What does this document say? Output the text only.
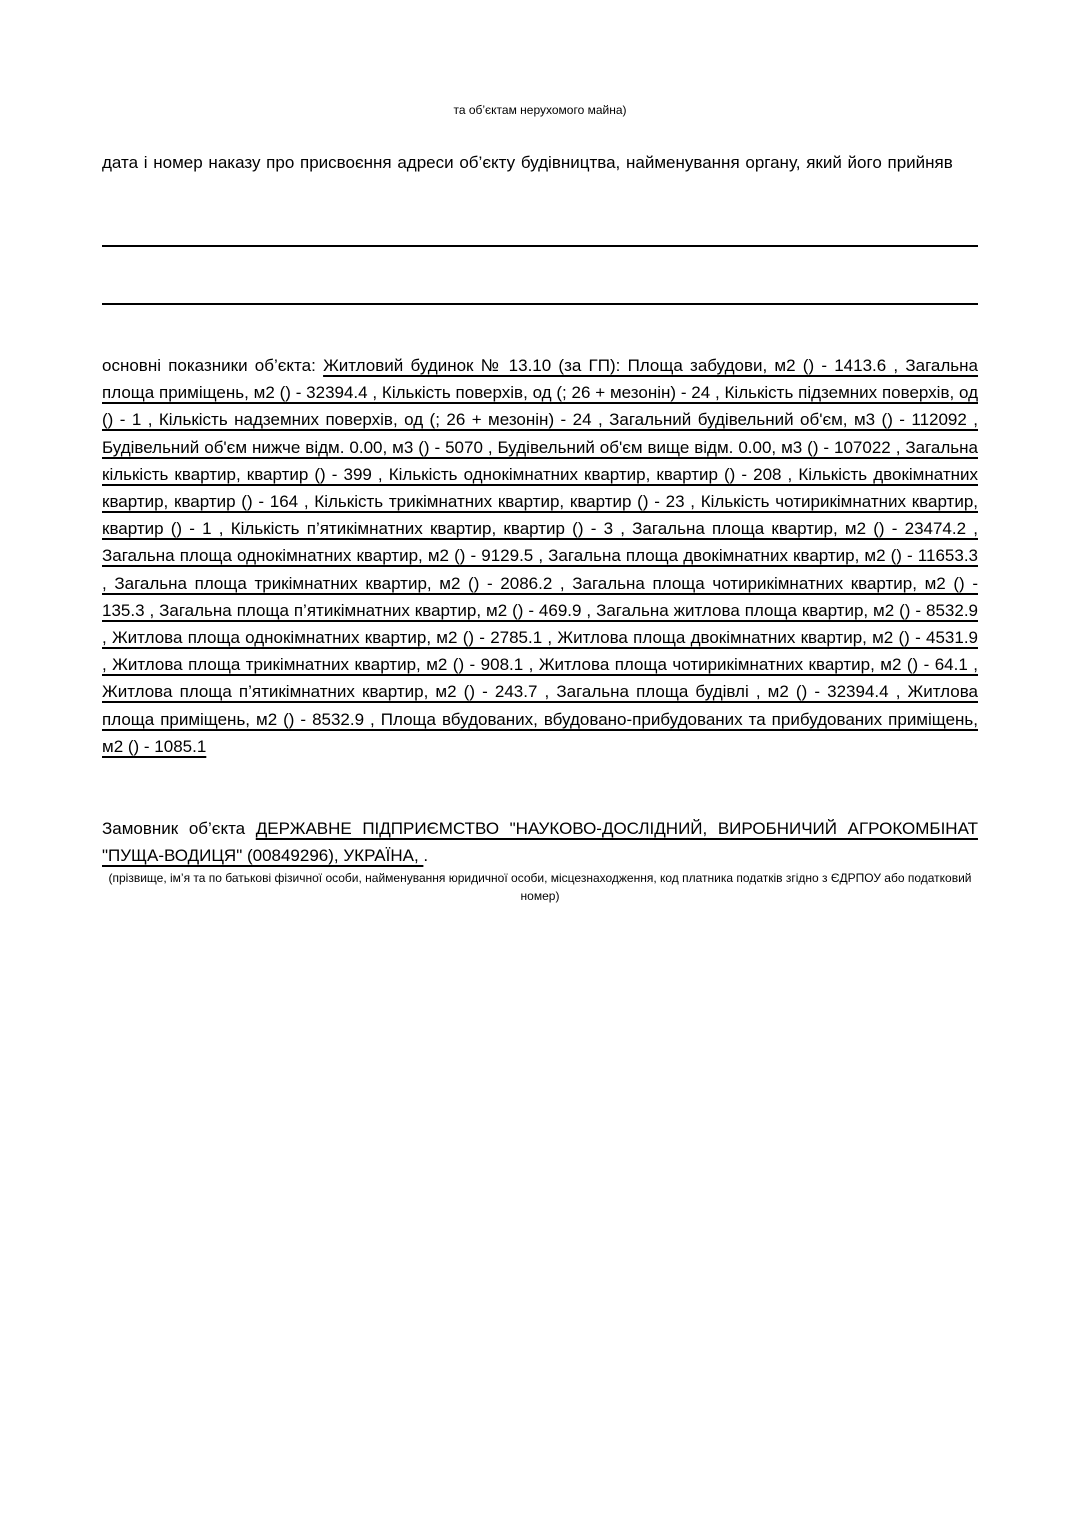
та об’єктам нерухомого майна)
дата і номер наказу про присвоєння адреси об’єкту будівництва, найменування органу, який його прийняв
основні показники об’єкта: Житловий будинок № 13.10 (за ГП): Площа забудови, м2 () - 1413.6 , Загальна площа приміщень, м2 () - 32394.4 , Кількість поверхів, од (; 26 + мезонін) - 24 , Кількість підземних поверхів, од () - 1 , Кількість надземних поверхів, од (; 26 + мезонін) - 24 , Загальний будівельний об'єм, м3 () - 112092 , Будівельний об'єм нижче відм. 0.00, м3 () - 5070 , Будівельний об'єм вище відм. 0.00, м3 () - 107022 , Загальна кількість квартир, квартир () - 399 , Кількість однокімнатних квартир, квартир () - 208 , Кількість двокімнатних квартир, квартир () - 164 , Кількість трикімнатних квартир, квартир () - 23 , Кількість чотирикімнатних квартир, квартир () - 1 , Кількість п’ятикімнатних квартир, квартир () - 3 , Загальна площа квартир, м2 () - 23474.2 , Загальна площа однокімнатних квартир, м2 () - 9129.5 , Загальна площа двокімнатних квартир, м2 () - 11653.3 , Загальна площа трикімнатних квартир, м2 () - 2086.2 , Загальна площа чотирикімнатних квартир, м2 () - 135.3 , Загальна площа п’ятикімнатних квартир, м2 () - 469.9 , Загальна житлова площа квартир, м2 () - 8532.9 , Житлова площа однокімнатних квартир, м2 () - 2785.1 , Житлова площа двокімнатних квартир, м2 () - 4531.9 , Житлова площа трикімнатних квартир, м2 () - 908.1 , Житлова площа чотирикімнатних квартир, м2 () - 64.1 , Житлова площа п’ятикімнатних квартир, м2 () - 243.7 , Загальна площа будівлі , м2 () - 32394.4 , Житлова площа приміщень, м2 () - 8532.9 , Площа вбудованих, вбудовано-прибудованих та прибудованих приміщень, м2 () - 1085.1
Замовник об’єкта ДЕРЖАВНЕ ПІДПРИЄМСТВО "НАУКОВО-ДОСЛІДНИЙ, ВИРОБНИЧИЙ АГРОКОМБІНАТ "ПУЩА-ВОДИЦЯ" (00849296), УКРАЇНА, .
(прізвище, ім’я та по батькові фізичної особи, найменування юридичної особи, місцезнаходження, код платника податків згідно з ЄДРПОУ або податковий номер)
